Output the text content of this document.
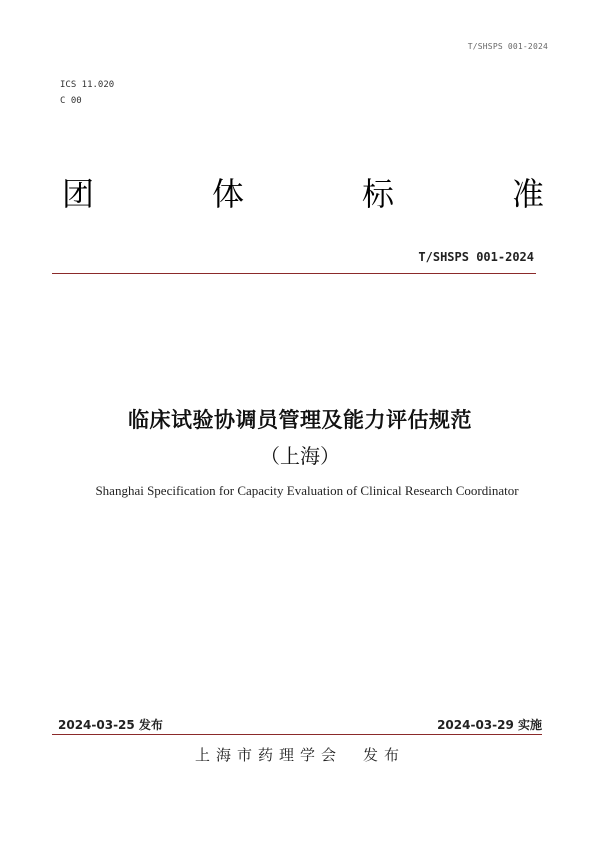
T/SHSPS 001-2024
ICS 11.020
C 00
团	体	标	准
T/SHSPS 001-2024
临床试验协调员管理及能力评估规范
（上海）
Shanghai Specification for Capacity Evaluation of Clinical Research Coordinator
2024-03-25 发布	2024-03-29 实施
上海市药理学会　发布
